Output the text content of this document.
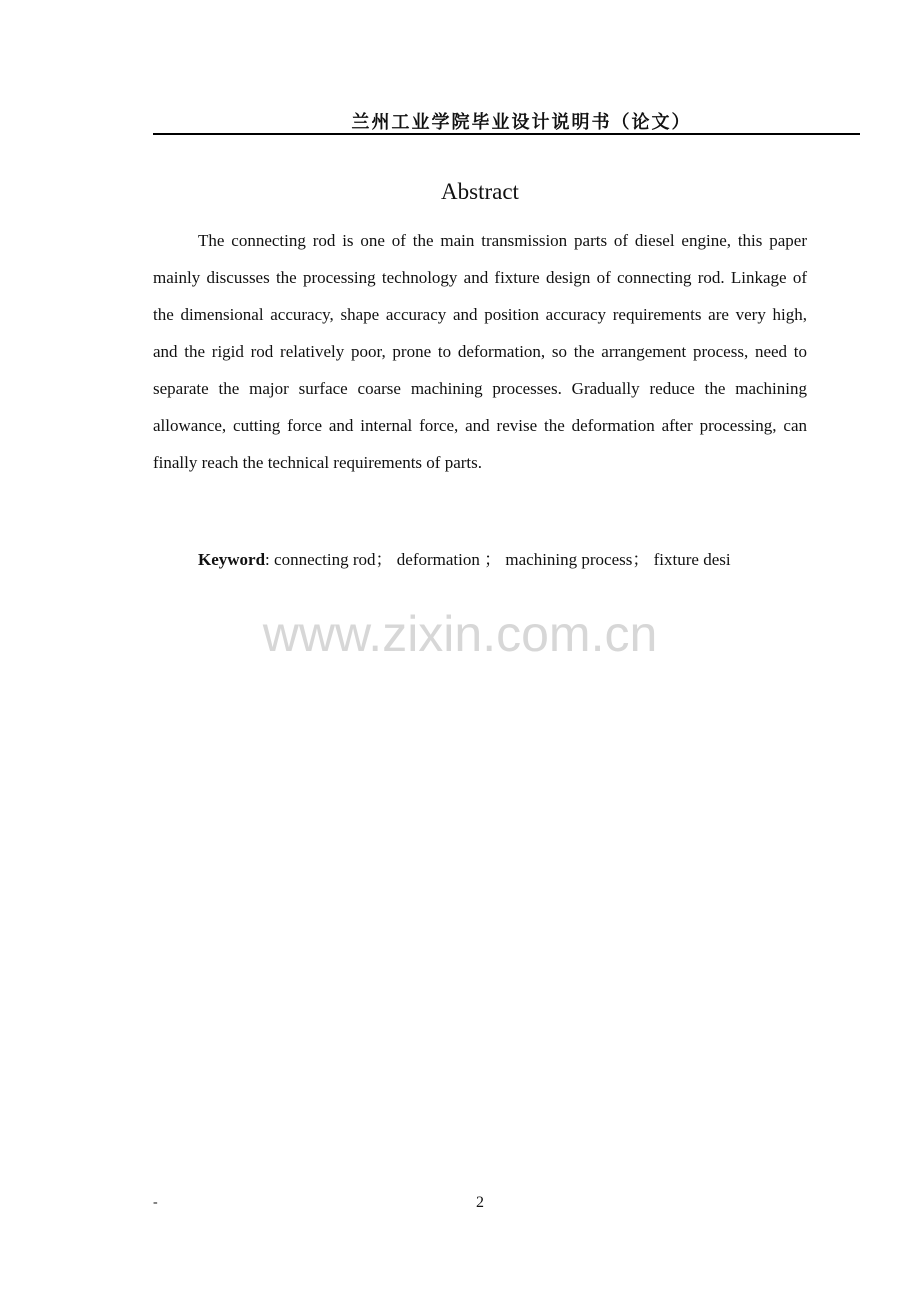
兰州工业学院毕业设计说明书（论文）
Abstract

The connecting rod is one of the main transmission parts of diesel engine, this paper mainly discusses the processing technology and fixture design of connecting rod. Linkage of the dimensional accuracy, shape accuracy and position accuracy requirements are very high, and the rigid rod relatively poor, prone to deformation, so the arrangement process, need to separate the major surface coarse machining processes. Gradually reduce the machining allowance, cutting force and internal force, and revise the deformation after processing, can finally reach the technical requirements of parts.

Keyword: connecting rod； deformation ； machining process； fixture desi

www.zixin.com.cn
-	2
